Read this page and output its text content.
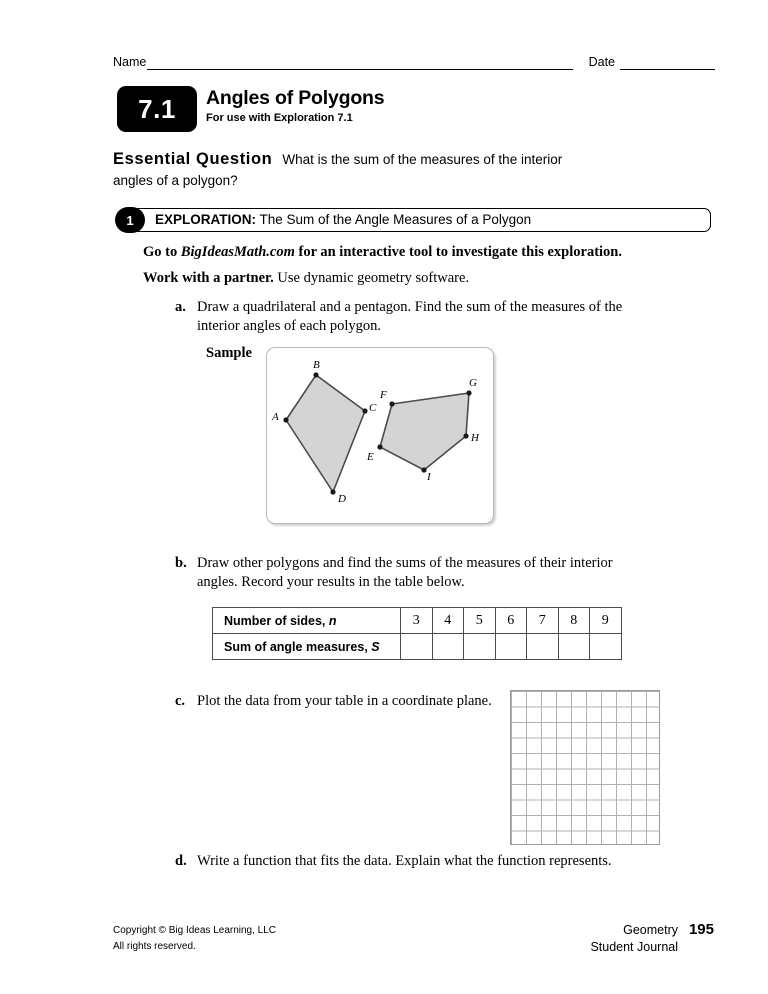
Name	Date
7.1	Angles of Polygons
For use with Exploration 7.1
Essential Question What is the sum of the measures of the interior
angles of a polygon?
1	EXPLORATION: The Sum of the Angle Measures of a Polygon
Go to BigIdeasMath.com for an interactive tool to investigate this exploration.
Work with a partner. Use dynamic geometry software.
a. Draw a quadrilateral and a pentagon. Find the sum of the measures of the interior angles of each polygon.
Sample
A
B
C
D
E
F
G
H
I
b. Draw other polygons and find the sums of the measures of their interior angles. Record your results in the table below.
Number of sides, n	3	4	5	6	7	8	9
Sum of angle measures, S							
c. Plot the data from your table in a coordinate plane.
d. Write a function that fits the data. Explain what the function represents.
Copyright © Big Ideas Learning, LLC
All rights reserved.
Geometry
Student Journal
195
